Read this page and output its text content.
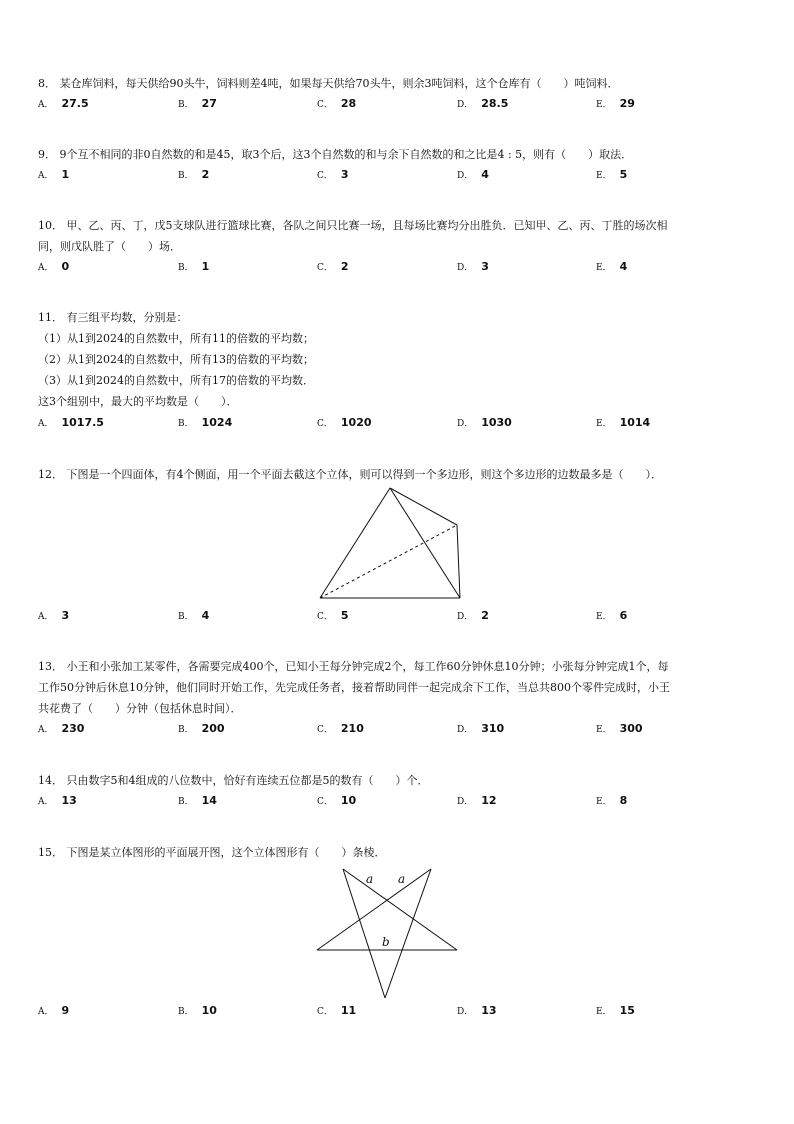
8． 某仓库饲料，每天供给90头牛，饲料则差4吨，如果每天供给70头牛，则余3吨饲料，这个仓库有（　　）吨饲料．
A． 27.5	B． 27	C． 28	D． 28.5	E． 29
9． 9个互不相同的非0自然数的和是45，取3个后，这3个自然数的和与余下自然数的和之比是4 : 5，则有（　　）取法．
A． 1	B． 2	C． 3	D． 4	E． 5
10． 甲、乙、丙、丁，戊5支球队进行篮球比赛，各队之间只比赛一场，且每场比赛均分出胜负．已知甲、乙、丙、丁胜的场次相
同，则戊队胜了（　　）场．
A． 0	B． 1	C． 2	D． 3	E． 4
11． 有三组平均数，分别是：
（1）从1到2024的自然数中，所有11的倍数的平均数；
（2）从1到2024的自然数中，所有13的倍数的平均数；
（3）从1到2024的自然数中，所有17的倍数的平均数．
这3个组别中，最大的平均数是（　　）．
A． 1017.5	B． 1024	C． 1020	D． 1030	E． 1014
12． 下图是一个四面体，有4个侧面，用一个平面去截这个立体，则可以得到一个多边形，则这个多边形的边数最多是（　　）．
A． 3	B． 4	C． 5	D． 2	E． 6
13． 小王和小张加工某零件，各需要完成400个，已知小王每分钟完成2个，每工作60分钟休息10分钟；小张每分钟完成1个，每
工作50分钟后休息10分钟，他们同时开始工作，先完成任务者，接着帮助同伴一起完成余下工作，当总共800个零件完成时，小王
共花费了（　　）分钟（包括休息时间）．
A． 230	B． 200	C． 210	D． 310	E． 300
14． 只由数字5和4组成的八位数中，恰好有连续五位都是5的数有（　　）个．
A． 13	B． 14	C． 10	D． 12	E． 8
15． 下图是某立体图形的平面展开图，这个立体图形有（　　）条棱．
a a
b
A． 9	B． 10	C． 11	D． 13	E． 15
